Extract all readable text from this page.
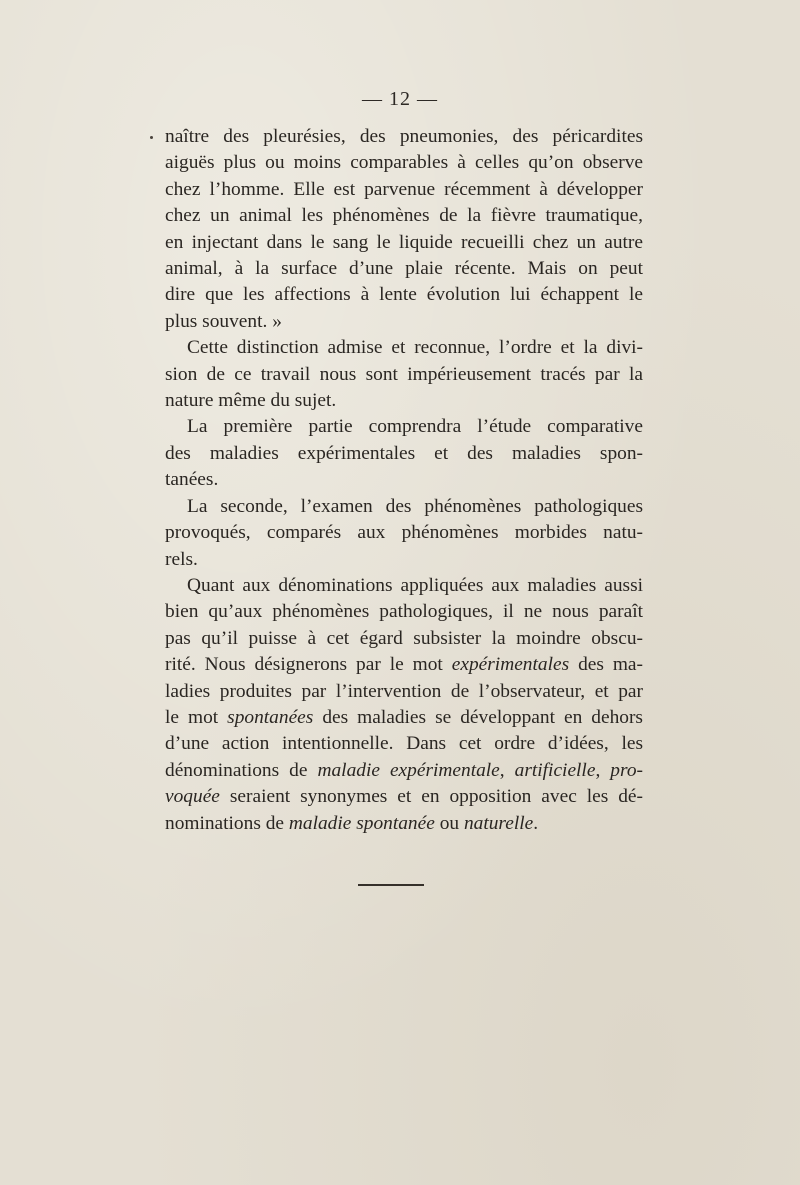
— 12 —

naître des pleurésies, des pneumonies, des péricardites

aiguës plus ou moins comparables à celles qu’on observe

chez l’homme. Elle est parvenue récemment à développer

chez un animal les phénomènes de la fièvre traumatique,

en injectant dans le sang le liquide recueilli chez un autre

animal, à la surface d’une plaie récente. Mais on peut

dire que les affections à lente évolution lui échappent le

plus souvent. »

Cette distinction admise et reconnue, l’ordre et la divi-

sion de ce travail nous sont impérieusement tracés par la

nature même du sujet.

La première partie comprendra l’étude comparative

des maladies expérimentales et des maladies spon-

tanées.

La seconde, l’examen des phénomènes pathologiques

provoqués, comparés aux phénomènes morbides natu-

rels.

Quant aux dénominations appliquées aux maladies aussi

bien qu’aux phénomènes pathologiques, il ne nous paraît

pas qu’il puisse à cet égard subsister la moindre obscu-

rité. Nous désignerons par le mot expérimentales des ma-

ladies produites par l’intervention de l’observateur, et par

le mot spontanées des maladies se développant en dehors

d’une action intentionnelle. Dans cet ordre d’idées, les

dénominations de maladie expérimentale, artificielle, pro-

voquée seraient synonymes et en opposition avec les dé-

nominations de maladie spontanée ou naturelle.
